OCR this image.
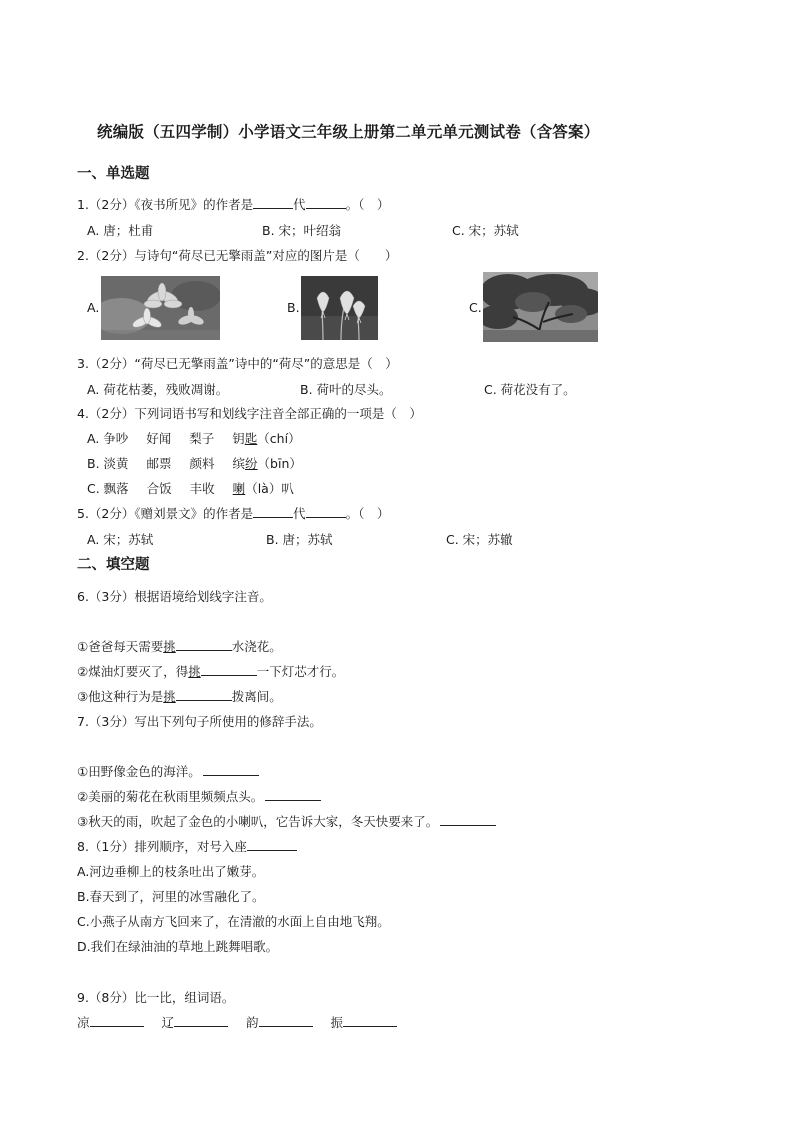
统编版（五四学制）小学语文三年级上册第二单元单元测试卷（含答案）
一、单选题
1.（2分）《夜书所见》的作者是	代	。（　）
A. 唐；杜甫	B. 宋；叶绍翁	C. 宋；苏轼
2.（2分）与诗句“荷尽已无擎雨盖”对应的图片是（　　）
A.	B.	C.
3.（2分）“荷尽已无擎雨盖”诗中的“荷尽”的意思是（　）
A. 荷花枯萎，残败凋谢。	B. 荷叶的尽头。	C. 荷花没有了。
4.（2分）下列词语书写和划线字注音全部正确的一项是（　）
A. 争吵 好闻 梨子 钥匙（chí）
B. 淡黄 邮票 颜料 缤纷（bīn）
C. 飘落 合饭 丰收 喇（là）叭
5.（2分）《赠刘景文》的作者是	代	。（　）
A. 宋；苏轼	B. 唐；苏轼	C. 宋；苏辙
二、填空题
6.（3分）根据语境给划线字注音。
①爸爸每天需要挑	水浇花。
②煤油灯要灭了，得挑	一下灯芯才行。
③他这种行为是挑	拨离间。
7.（3分）写出下列句子所使用的修辞手法。
①田野像金色的海洋。
②美丽的菊花在秋雨里频频点头。
③秋天的雨，吹起了金色的小喇叭，它告诉大家，冬天快要来了。
8.（1分）排列顺序，对号入座
A.河边垂柳上的枝条吐出了嫩芽。
B.春天到了，河里的冰雪融化了。
C.小燕子从南方飞回来了，在清澈的水面上自由地飞翔。
D.我们在绿油油的草地上跳舞唱歌。
9.（8分）比一比，组词语。
凉	辽	韵	振
